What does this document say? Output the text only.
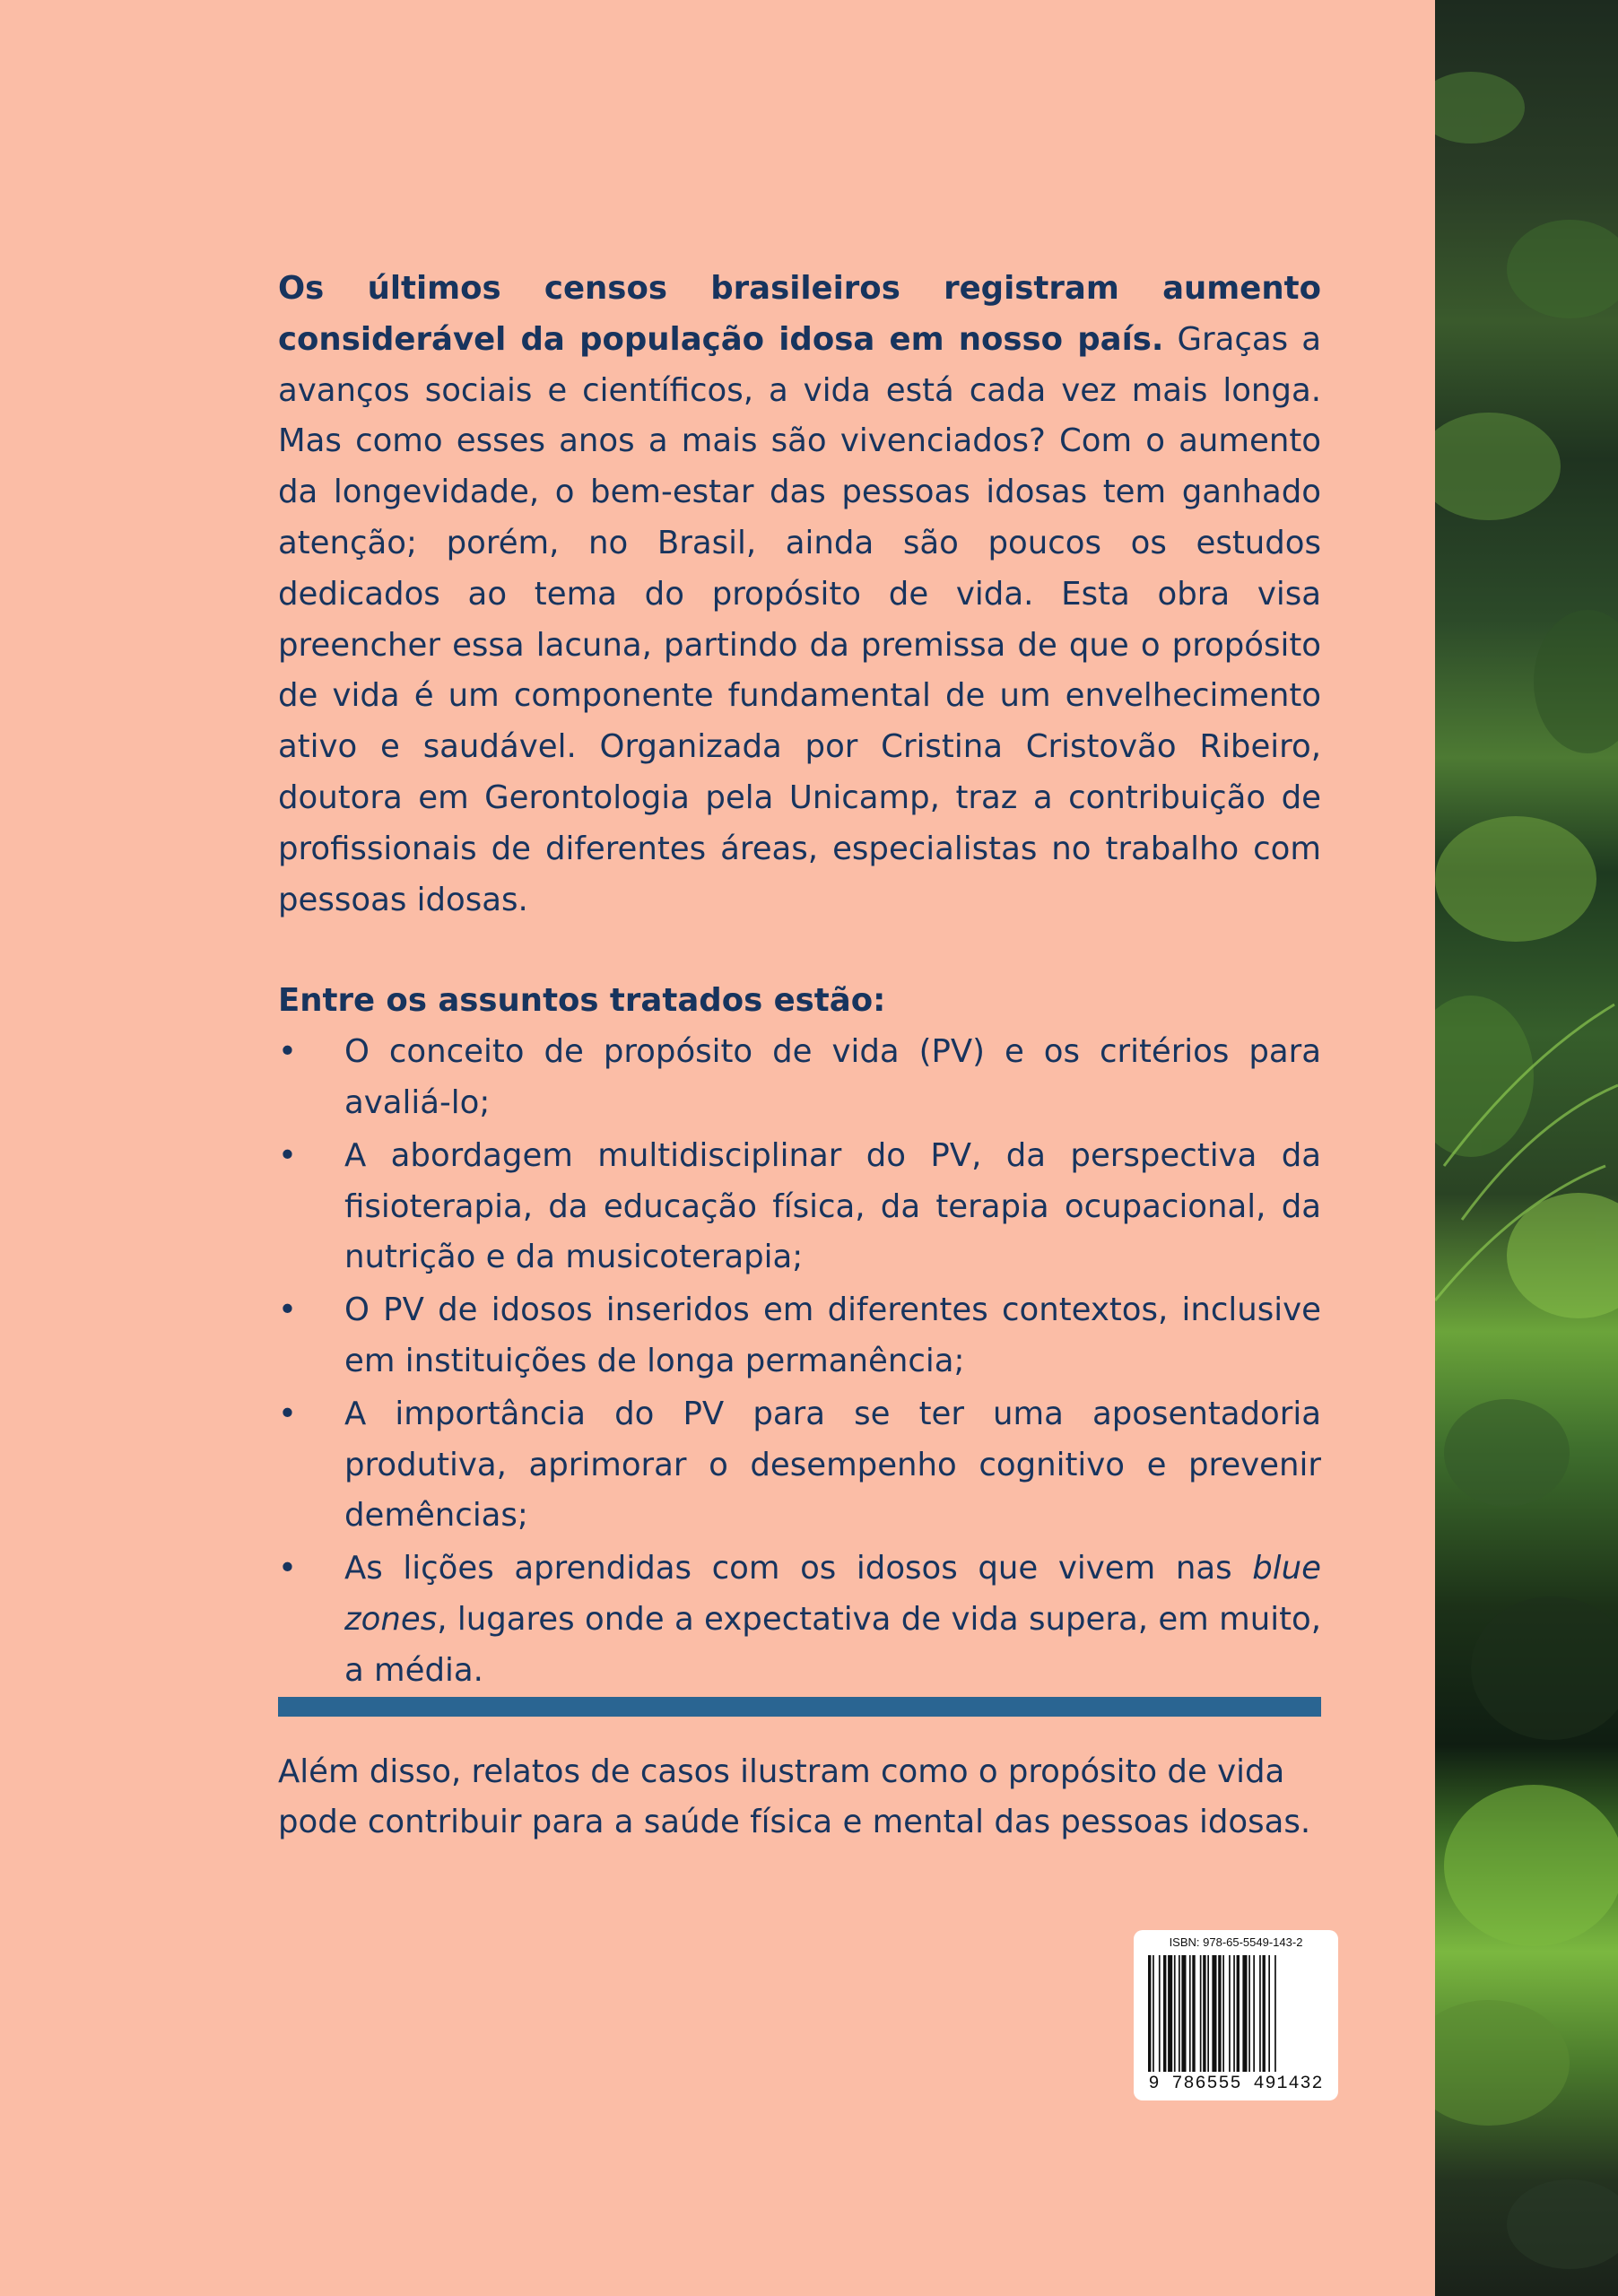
Os últimos censos brasileiros registram aumento considerável da população idosa em nosso país. Graças a avanços sociais e científicos, a vida está cada vez mais longa. Mas como esses anos a mais são vivenciados? Com o aumento da longevidade, o bem-estar das pessoas idosas tem ganhado atenção; porém, no Brasil, ainda são poucos os estudos dedicados ao tema do propósito de vida. Esta obra visa preencher essa lacuna, partindo da premissa de que o propósito de vida é um componente fundamental de um envelhecimento ativo e saudável. Organizada por Cristina Cristovão Ribeiro, doutora em Gerontologia pela Unicamp, traz a contribuição de profissionais de diferentes áreas, especialistas no trabalho com pessoas idosas.

Entre os assuntos tratados estão:

• O conceito de propósito de vida (PV) e os critérios para avaliá-lo;
• A abordagem multidisciplinar do PV, da perspectiva da fisioterapia, da educação física, da terapia ocupacional, da nutrição e da musicoterapia;
• O PV de idosos inseridos em diferentes contextos, inclusive em instituições de longa permanência;
• A importância do PV para se ter uma aposentadoria produtiva, aprimorar o desempenho cognitivo e prevenir demências;
• As lições aprendidas com os idosos que vivem nas blue zones, lugares onde a expectativa de vida supera, em muito, a média.

Além disso, relatos de casos ilustram como o propósito de vida pode contribuir para a saúde física e mental das pessoas idosas.

ISBN: 978-65-5549-143-2
9 786555 491432
